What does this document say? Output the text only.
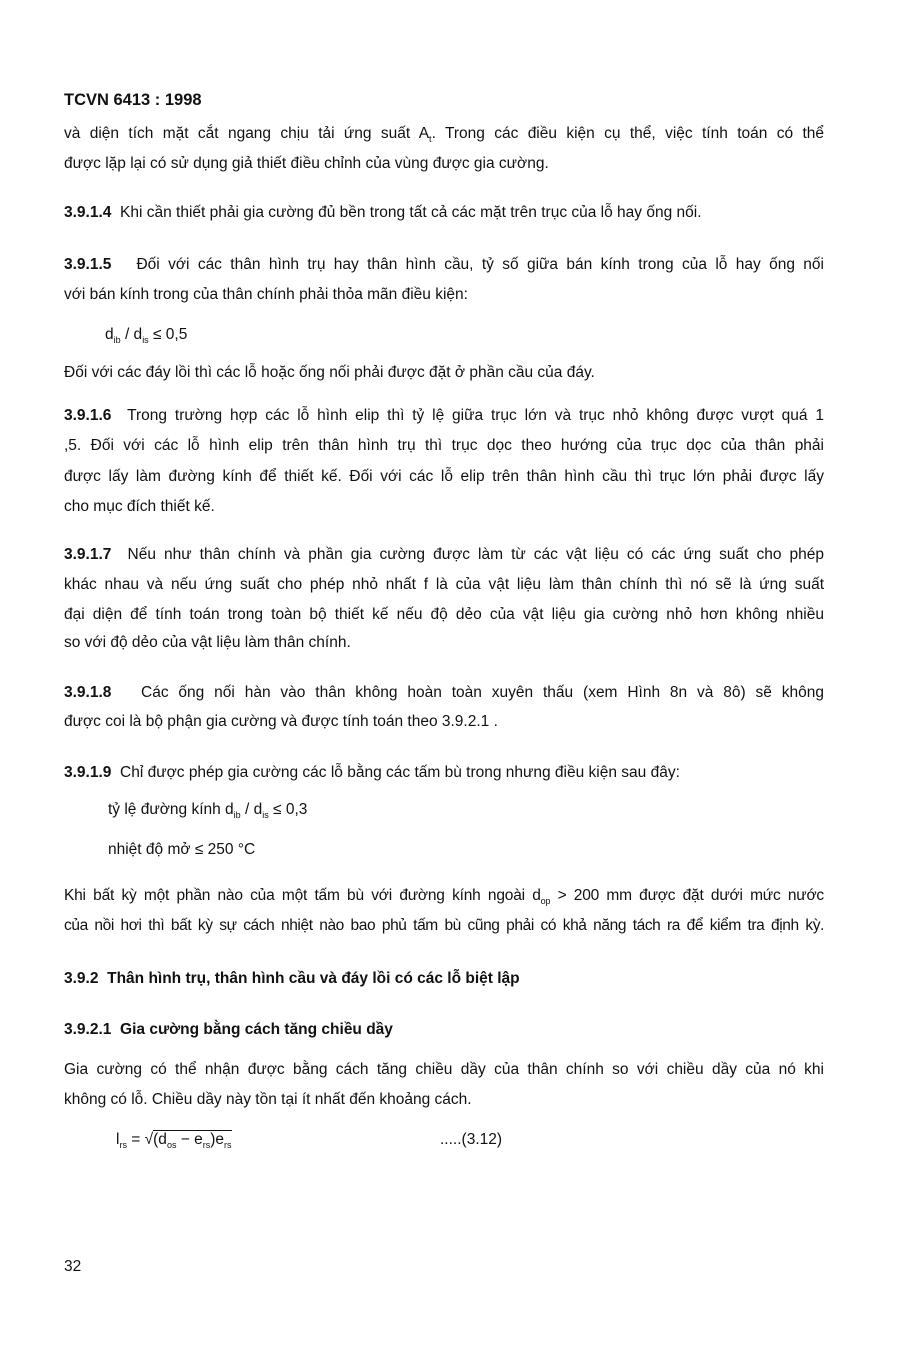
TCVN 6413 : 1998
và diện tích mặt cắt ngang chịu tải ứng suất $A_t$. Trong các điều kiện cụ thể, việc tính toán có thể
được lặp lại có sử dụng giả thiết điều chỉnh của vùng được gia cường.
3.9.1.4 Khi cần thiết phải gia cường đủ bền trong tất cả các mặt trên trục của lỗ hay ống nối.
3.9.1.5 Đối với các thân hình trụ hay thân hình cầu, tỷ số giữa bán kính trong của lỗ hay ống nối
với bán kính trong của thân chính phải thỏa mãn điều kiện:
$d_{ib} / d_{is} \le 0,5$
Đối với các đáy lồi thì các lỗ hoặc ống nối phải được đặt ở phần cầu của đáy.
3.9.1.6 Trong trường hợp các lỗ hình elip thì tỷ lệ giữa trục lớn và trục nhỏ không được vượt quá 1
,5. Đối với các lỗ hình elip trên thân hình trụ thì trục dọc theo hướng của trục dọc của thân phải
được lấy làm đường kính để thiết kế. Đối với các lỗ elip trên thân hình cầu thì trục lớn phải được lấy
cho mục đích thiết kế.
3.9.1.7 Nếu như thân chính và phần gia cường được làm từ các vật liệu có các ứng suất cho phép
khác nhau và nếu ứng suất cho phép nhỏ nhất f là của vật liệu làm thân chính thì nó sẽ là ứng suất
đại diện để tính toán trong toàn bộ thiết kế nếu độ dẻo của vật liệu gia cường nhỏ hơn không nhiều
so với độ dẻo của vật liệu làm thân chính.
3.9.1.8 Các ống nối hàn vào thân không hoàn toàn xuyên thấu (xem Hình 8n và 8ô) sẽ không
được coi là bộ phận gia cường và được tính toán theo 3.9.2.1 .
3.9.1.9 Chỉ được phép gia cường các lỗ bằng các tấm bù trong nhưng điều kiện sau đây:
tỷ lệ đường kính $d_{ib} / d_{is} \le 0,3$
nhiệt độ mở ≤ 250 °C
Khi bất kỳ một phần nào của một tấm bù với đường kính ngoài $d_{op} > 200$ mm được đặt dưới mức nước
của nồi hơi thì bất kỳ sự cách nhiệt nào bao phủ tấm bù cũng phải có khả năng tách ra để kiểm tra định kỳ.
3.9.2 Thân hình trụ, thân hình cầu và đáy lồi có các lỗ biệt lập
3.9.2.1 Gia cường bằng cách tăng chiều dầy
Gia cường có thể nhận được bằng cách tăng chiều dầy của thân chính so với chiều dầy của nó khi
không có lỗ. Chiều dầy này tồn tại ít nhất đến khoảng cách.
$l_{rs} = √(d_{os} - e_{rs})e_{rs}$	.....(3.12)
32
